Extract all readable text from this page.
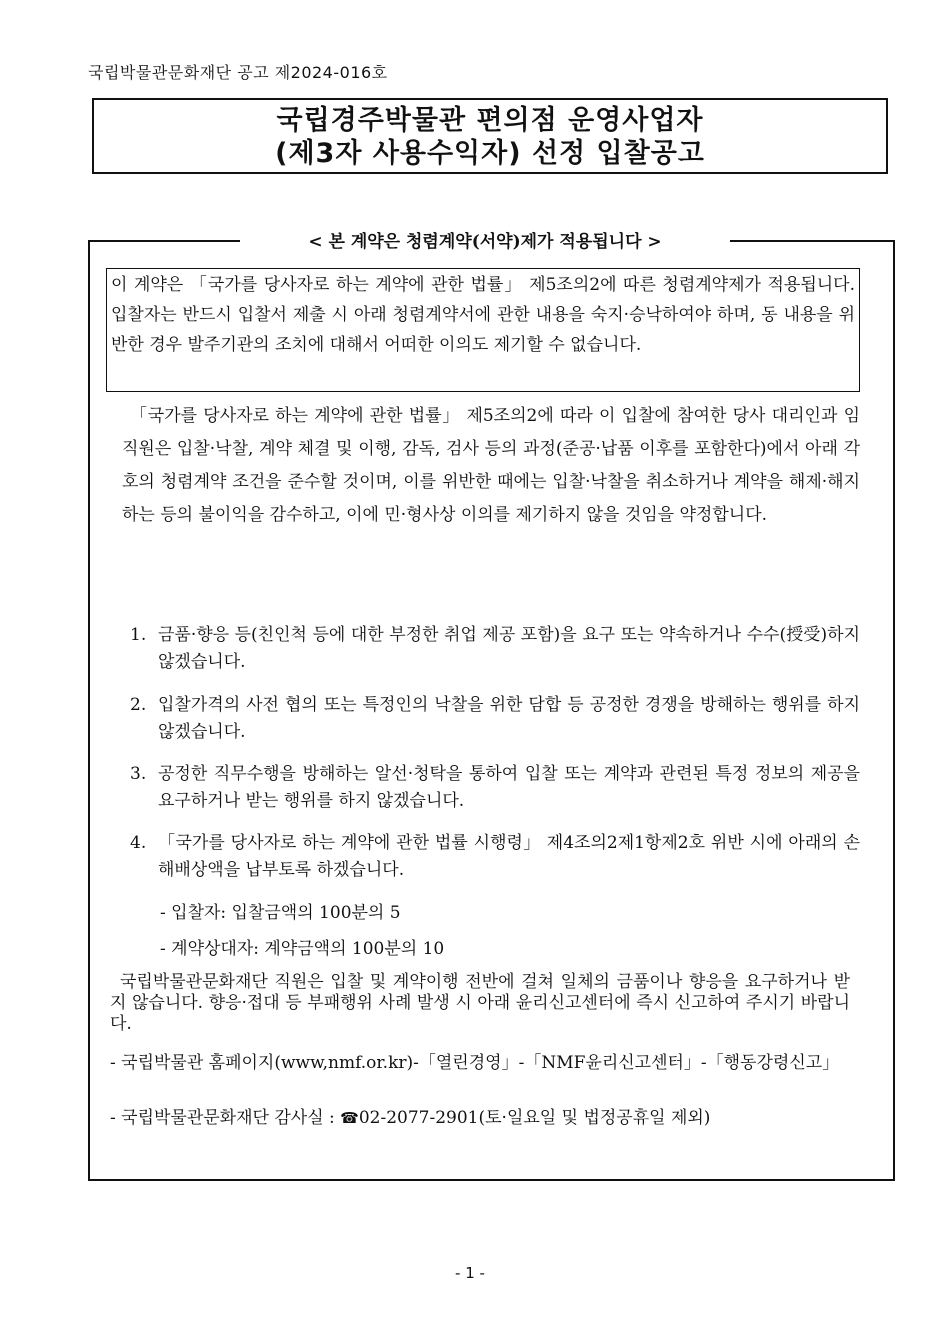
국립박물관문화재단 공고 제2024-016호
국립경주박물관 편의점 운영사업자
(제3자 사용수익자) 선정 입찰공고
< 본 계약은 청렴계약(서약)제가 적용됩니다 >
이 계약은 「국가를 당사자로 하는 계약에 관한 법률」 제5조의2에 따른 청렴계약제가 적용됩니다. 입찰자는 반드시 입찰서 제출 시 아래 청렴계약서에 관한 내용을 숙지·승낙하여야 하며, 동 내용을 위반한 경우 발주기관의 조치에 대해서 어떠한 이의도 제기할 수 없습니다.
「국가를 당사자로 하는 계약에 관한 법률」 제5조의2에 따라 이 입찰에 참여한 당사 대리인과 임직원은 입찰·낙찰, 계약 체결 및 이행, 감독, 검사 등의 과정(준공·납품 이후를 포함한다)에서 아래 각호의 청렴계약 조건을 준수할 것이며, 이를 위반한 때에는 입찰·낙찰을 취소하거나 계약을 해제·해지하는 등의 불이익을 감수하고, 이에 민·형사상 이의를 제기하지 않을 것임을 약정합니다.
1. 금품·향응 등(친인척 등에 대한 부정한 취업 제공 포함)을 요구 또는 약속하거나 수수(授受)하지 않겠습니다.
2. 입찰가격의 사전 협의 또는 특정인의 낙찰을 위한 담합 등 공정한 경쟁을 방해하는 행위를 하지 않겠습니다.
3. 공정한 직무수행을 방해하는 알선·청탁을 통하여 입찰 또는 계약과 관련된 특정 정보의 제공을 요구하거나 받는 행위를 하지 않겠습니다.
4. 「국가를 당사자로 하는 계약에 관한 법률 시행령」 제4조의2제1항제2호 위반 시에 아래의 손해배상액을 납부토록 하겠습니다.
- 입찰자: 입찰금액의 100분의 5
- 계약상대자: 계약금액의 100분의 10
국립박물관문화재단 직원은 입찰 및 계약이행 전반에 걸쳐 일체의 금품이나 향응을 요구하거나 받지 않습니다. 향응·접대 등 부패행위 사례 발생 시 아래 윤리신고센터에 즉시 신고하여 주시기 바랍니다.
- 국립박물관 홈페이지(www,nmf.or.kr)-「열린경영」-「NMF윤리신고센터」-「행동강령신고」
- 국립박물관문화재단 감사실 : ☎02-2077-2901(토·일요일 및 법정공휴일 제외)
- 1 -
